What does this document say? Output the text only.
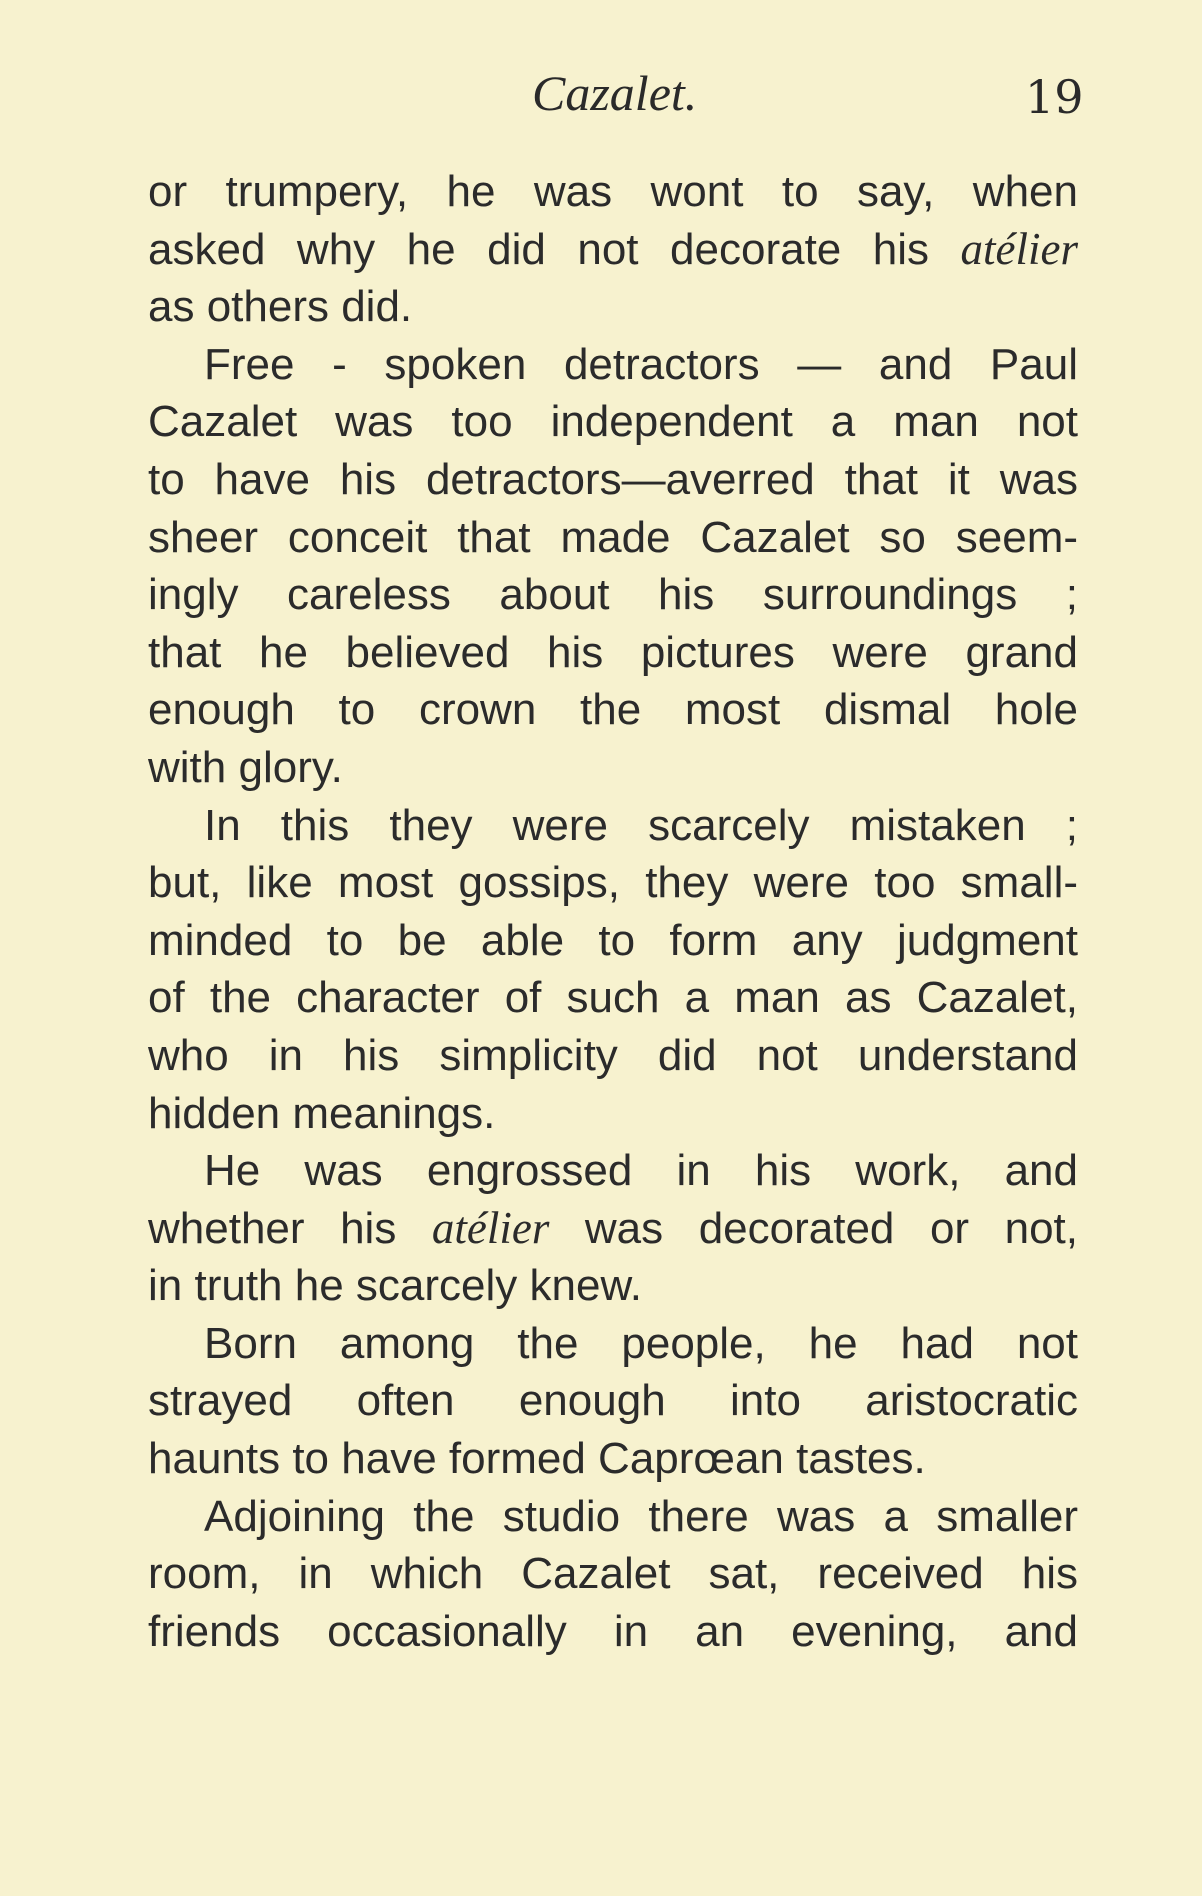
Cazalet.	19
or trumpery, he was wont to say, when
asked why he did not decorate his atélier
as others did.
Free - spoken detractors — and Paul
Cazalet was too independent a man not
to have his detractors—averred that it was
sheer conceit that made Cazalet so seem-
ingly careless about his surroundings ;
that he believed his pictures were grand
enough to crown the most dismal hole
with glory.
In this they were scarcely mistaken ;
but, like most gossips, they were too small-
minded to be able to form any judgment
of the character of such a man as Cazalet,
who in his simplicity did not understand
hidden meanings.
He was engrossed in his work, and
whether his atélier was decorated or not,
in truth he scarcely knew.
Born among the people, he had not
strayed often enough into aristocratic
haunts to have formed Caprœan tastes.
Adjoining the studio there was a smaller
room, in which Cazalet sat, received his
friends occasionally in an evening, and
